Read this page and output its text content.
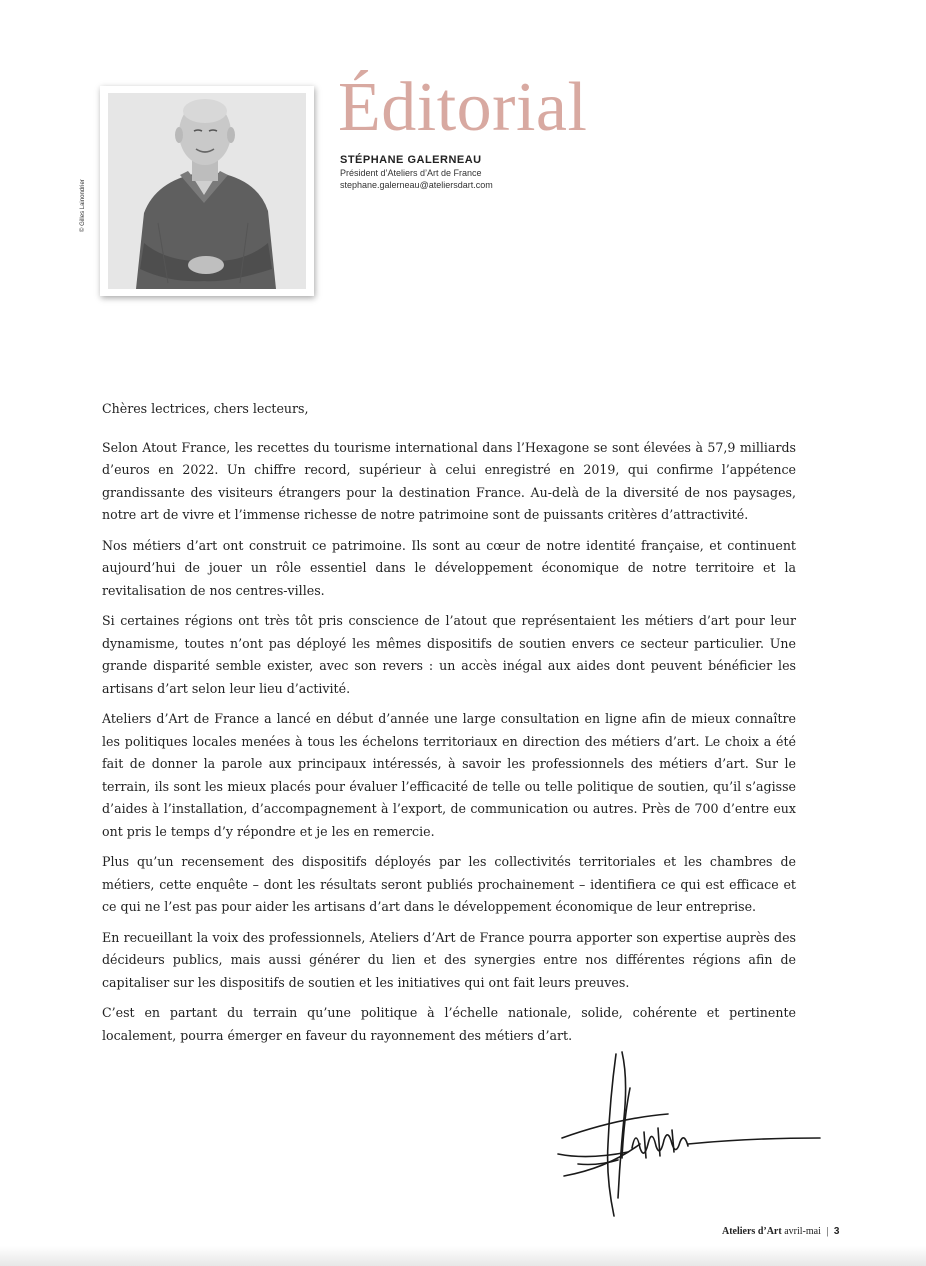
© Gilles Lainondrier
Éditorial
STÉPHANE GALERNEAU
Président d’Ateliers d’Art de France
stephane.galerneau@ateliersdart.com

Chères lectrices, chers lecteurs,

Selon Atout France, les recettes du tourisme international dans l’Hexagone se sont élevées à 57,9 milliards d’euros en 2022. Un chiffre record, supérieur à celui enregistré en 2019, qui confirme l’appétence grandissante des visiteurs étrangers pour la destination France. Au-delà de la diversité de nos paysages, notre art de vivre et l’immense richesse de notre patrimoine sont de puissants critères d’attractivité.

Nos métiers d’art ont construit ce patrimoine. Ils sont au cœur de notre identité française, et continuent aujourd’hui de jouer un rôle essentiel dans le développement économique de notre territoire et la revitalisation de nos centres-villes.

Si certaines régions ont très tôt pris conscience de l’atout que représentaient les métiers d’art pour leur dynamisme, toutes n’ont pas déployé les mêmes dispositifs de soutien envers ce secteur particulier. Une grande disparité semble exister, avec son revers : un accès inégal aux aides dont peuvent bénéficier les artisans d’art selon leur lieu d’activité.

Ateliers d’Art de France a lancé en début d’année une large consultation en ligne afin de mieux connaître les politiques locales menées à tous les échelons territoriaux en direction des métiers d’art. Le choix a été fait de donner la parole aux principaux intéressés, à savoir les professionnels des métiers d’art. Sur le terrain, ils sont les mieux placés pour évaluer l’efficacité de telle ou telle politique de soutien, qu’il s’agisse d’aides à l’installation, d’accompagnement à l’export, de communication ou autres. Près de 700 d’entre eux ont pris le temps d’y répondre et je les en remercie.

Plus qu’un recensement des dispositifs déployés par les collectivités territoriales et les chambres de métiers, cette enquête – dont les résultats seront publiés prochainement – identifiera ce qui est efficace et ce qui ne l’est pas pour aider les artisans d’art dans le développement économique de leur entreprise.

En recueillant la voix des professionnels, Ateliers d’Art de France pourra apporter son expertise auprès des décideurs publics, mais aussi générer du lien et des synergies entre nos différentes régions afin de capitaliser sur les dispositifs de soutien et les initiatives qui ont fait leurs preuves.

C’est en partant du terrain qu’une politique à l’échelle nationale, solide, cohérente et pertinente localement, pourra émerger en faveur du rayonnement des métiers d’art.

Ateliers d’Art avril-mai | 3
